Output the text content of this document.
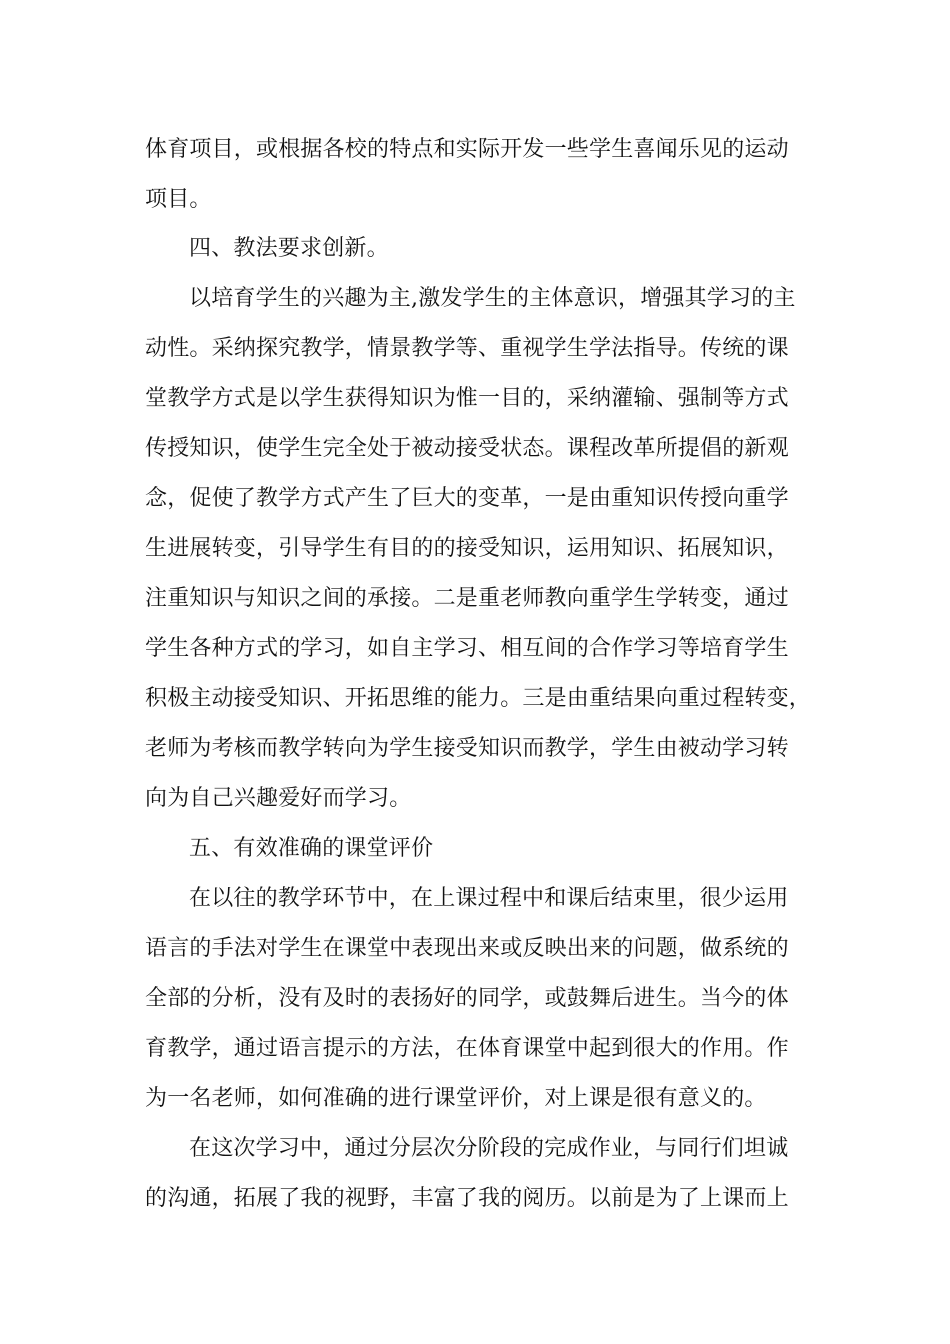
体育项目，或根据各校的特点和实际开发一些学生喜闻乐见的运动
项目。
四、教法要求创新。
以培育学生的兴趣为主,激发学生的主体意识，增强其学习的主
动性。采纳探究教学，情景教学等、重视学生学法指导。传统的课
堂教学方式是以学生获得知识为惟一目的，采纳灌输、强制等方式
传授知识，使学生完全处于被动接受状态。课程改革所提倡的新观
念，促使了教学方式产生了巨大的变革，一是由重知识传授向重学
生进展转变，引导学生有目的的接受知识，运用知识、拓展知识，
注重知识与知识之间的承接。二是重老师教向重学生学转变，通过
学生各种方式的学习，如自主学习、相互间的合作学习等培育学生
积极主动接受知识、开拓思维的能力。三是由重结果向重过程转变，
老师为考核而教学转向为学生接受知识而教学，学生由被动学习转
向为自己兴趣爱好而学习。
五、有效准确的课堂评价
在以往的教学环节中，在上课过程中和课后结束里，很少运用
语言的手法对学生在课堂中表现出来或反映出来的问题，做系统的
全部的分析，没有及时的表扬好的同学，或鼓舞后进生。当今的体
育教学，通过语言提示的方法，在体育课堂中起到很大的作用。作
为一名老师，如何准确的进行课堂评价，对上课是很有意义的。
在这次学习中，通过分层次分阶段的完成作业，与同行们坦诚
的沟通，拓展了我的视野，丰富了我的阅历。以前是为了上课而上
